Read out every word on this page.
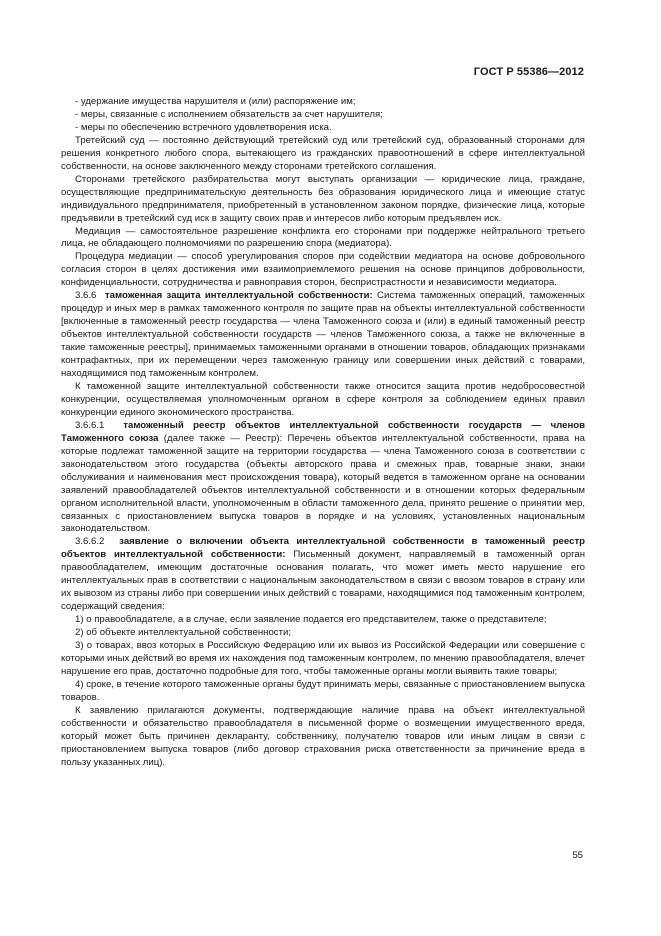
ГОСТ Р 55386—2012

- удержание имущества нарушителя и (или) распоряжение им;

- меры, связанные с исполнением обязательств за счет нарушителя;

- меры по обеспечению встречного удовлетворения иска.

Третейский суд — постоянно действующий третейский суд или третейский суд, образованный сторонами для решения конкретного любого спора, вытекающего из гражданских правоотношений в сфере интеллектуальной собственности, на основе заключенного между сторонами третейского соглашения.

Сторонами третейского разбирательства могут выступать организации — юридические лица, граждане, осуществляющие предпринимательскую деятельность без образования юридического лица и имеющие статус индивидуального предпринимателя, приобретенный в установленном законом порядке, физические лица, которые предъявили в третейский суд иск в защиту своих прав и интересов либо которым предъявлен иск.

Медиация — самостоятельное разрешение конфликта его сторонами при поддержке нейтрального третьего лица, не обладающего полномочиями по разрешению спора (медиатора).

Процедура медиации — способ урегулирования споров при содействии медиатора на основе добровольного согласия сторон в целях достижения ими взаимоприемлемого решения на основе принципов добровольности, конфиденциальности, сотрудничества и равноправия сторон, беспристрастности и независимости медиатора.

3.6.6 таможенная защита интеллектуальной собственности: Система таможенных операций, таможенных процедур и иных мер в рамках таможенного контроля по защите прав на объекты интеллектуальной собственности [включенные в таможенный реестр государства — члена Таможенного союза и (или) в единый таможенный реестр объектов интеллектуальной собственности государств — членов Таможенного союза, а также не включенные в такие таможенные реестры], принимаемых таможенными органами в отношении товаров, обладающих признаками контрафактных, при их перемещении через таможенную границу или совершении иных действий с товарами, находящимися под таможенным контролем.

К таможенной защите интеллектуальной собственности также относится защита против недобросовестной конкуренции, осуществляемая уполномоченным органом в сфере контроля за соблюдением единых правил конкуренции единого экономического пространства.

3.6.6.1 таможенный реестр объектов интеллектуальной собственности государств — членов Таможенного союза (далее также — Реестр): Перечень объектов интеллектуальной собственности, права на которые подлежат таможенной защите на территории государства — члена Таможенного союза в соответствии с законодательством этого государства (объекты авторского права и смежных прав, товарные знаки, знаки обслуживания и наименования мест происхождения товара), который ведется в таможенном органе на основании заявлений правообладателей объектов интеллектуальной собственности и в отношении которых федеральным органом исполнительной власти, уполномоченным в области таможенного дела, принято решение о принятии мер, связанных с приостановлением выпуска товаров в порядке и на условиях, установленных национальным законодательством.

3.6.6.2 заявление о включении объекта интеллектуальной собственности в таможенный реестр объектов интеллектуальной собственности: Письменный документ, направляемый в таможенный орган правообладателем, имеющим достаточные основания полагать, что может иметь место нарушение его интеллектуальных прав в соответствии с национальным законодательством в связи с ввозом товаров в страну или их вывозом из страны либо при совершении иных действий с товарами, находящимися под таможенным контролем, содержащий сведения:

1) о правообладателе, а в случае, если заявление подается его представителем, также о представителе;

2) об объекте интеллектуальной собственности;

3) о товарах, ввоз которых в Российскую Федерацию или их вывоз из Российской Федерации или совершение с которыми иных действий во время их нахождения под таможенным контролем, по мнению правообладателя, влечет нарушение его прав, достаточно подробные для того, чтобы таможенные органы могли выявить такие товары;

4) сроке, в течение которого таможенные органы будут принимать меры, связанные с приостановлением выпуска товаров.

К заявлению прилагаются документы, подтверждающие наличие права на объект интеллектуальной собственности и обязательство правообладателя в письменной форме о возмещении имущественного вреда, который может быть причинен декларанту, собственнику, получателю товаров или иным лицам в связи с приостановлением выпуска товаров (либо договор страхования риска ответственности за причинение вреда в пользу указанных лиц).

55
